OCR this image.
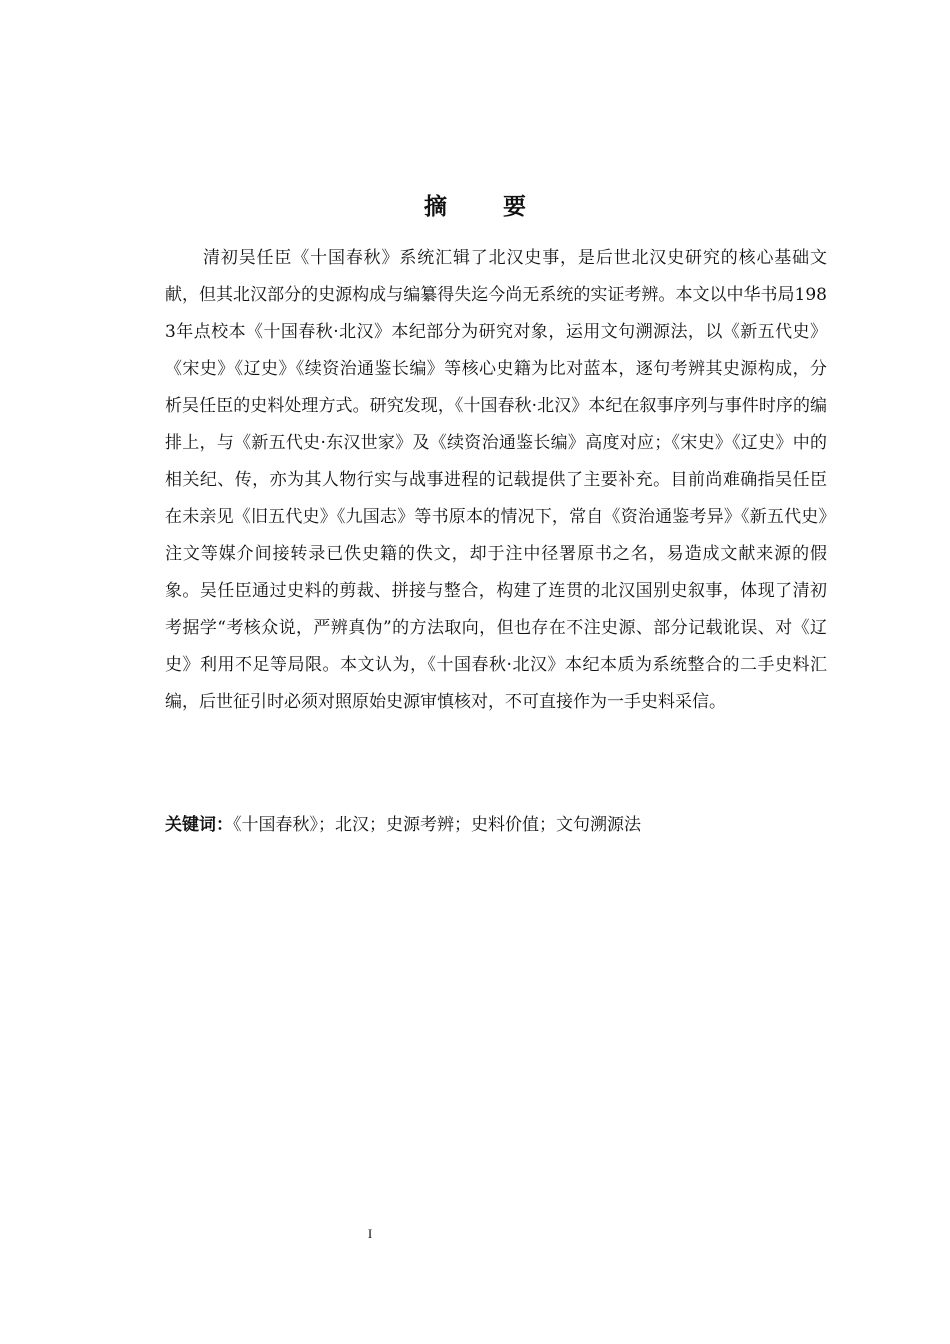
摘 要

清初吴任臣《十国春秋》系统汇辑了北汉史事，是后世北汉史研究的核心基础文献，但其北汉部分的史源构成与编纂得失迄今尚无系统的实证考辨。本文以中华书局1983年点校本《十国春秋·北汉》本纪部分为研究对象，运用文句溯源法，以《新五代史》《宋史》《辽史》《续资治通鉴长编》等核心史籍为比对蓝本，逐句考辨其史源构成，分析吴任臣的史料处理方式。研究发现，《十国春秋·北汉》本纪在叙事序列与事件时序的编排上，与《新五代史·东汉世家》及《续资治通鉴长编》高度对应；《宋史》《辽史》中的相关纪、传，亦为其人物行实与战事进程的记载提供了主要补充。目前尚难确指吴任臣在未亲见《旧五代史》《九国志》等书原本的情况下，常自《资治通鉴考异》《新五代史》注文等媒介间接转录已佚史籍的佚文，却于注中径署原书之名，易造成文献来源的假象。吴任臣通过史料的剪裁、拼接与整合，构建了连贯的北汉国别史叙事，体现了清初考据学“考核众说，严辨真伪”的方法取向，但也存在不注史源、部分记载讹误、对《辽史》利用不足等局限。本文认为，《十国春秋·北汉》本纪本质为系统整合的二手史料汇编，后世征引时必须对照原始史源审慎核对，不可直接作为一手史料采信。

关键词：《十国春秋》；北汉；史源考辨；史料价值；文句溯源法

I
